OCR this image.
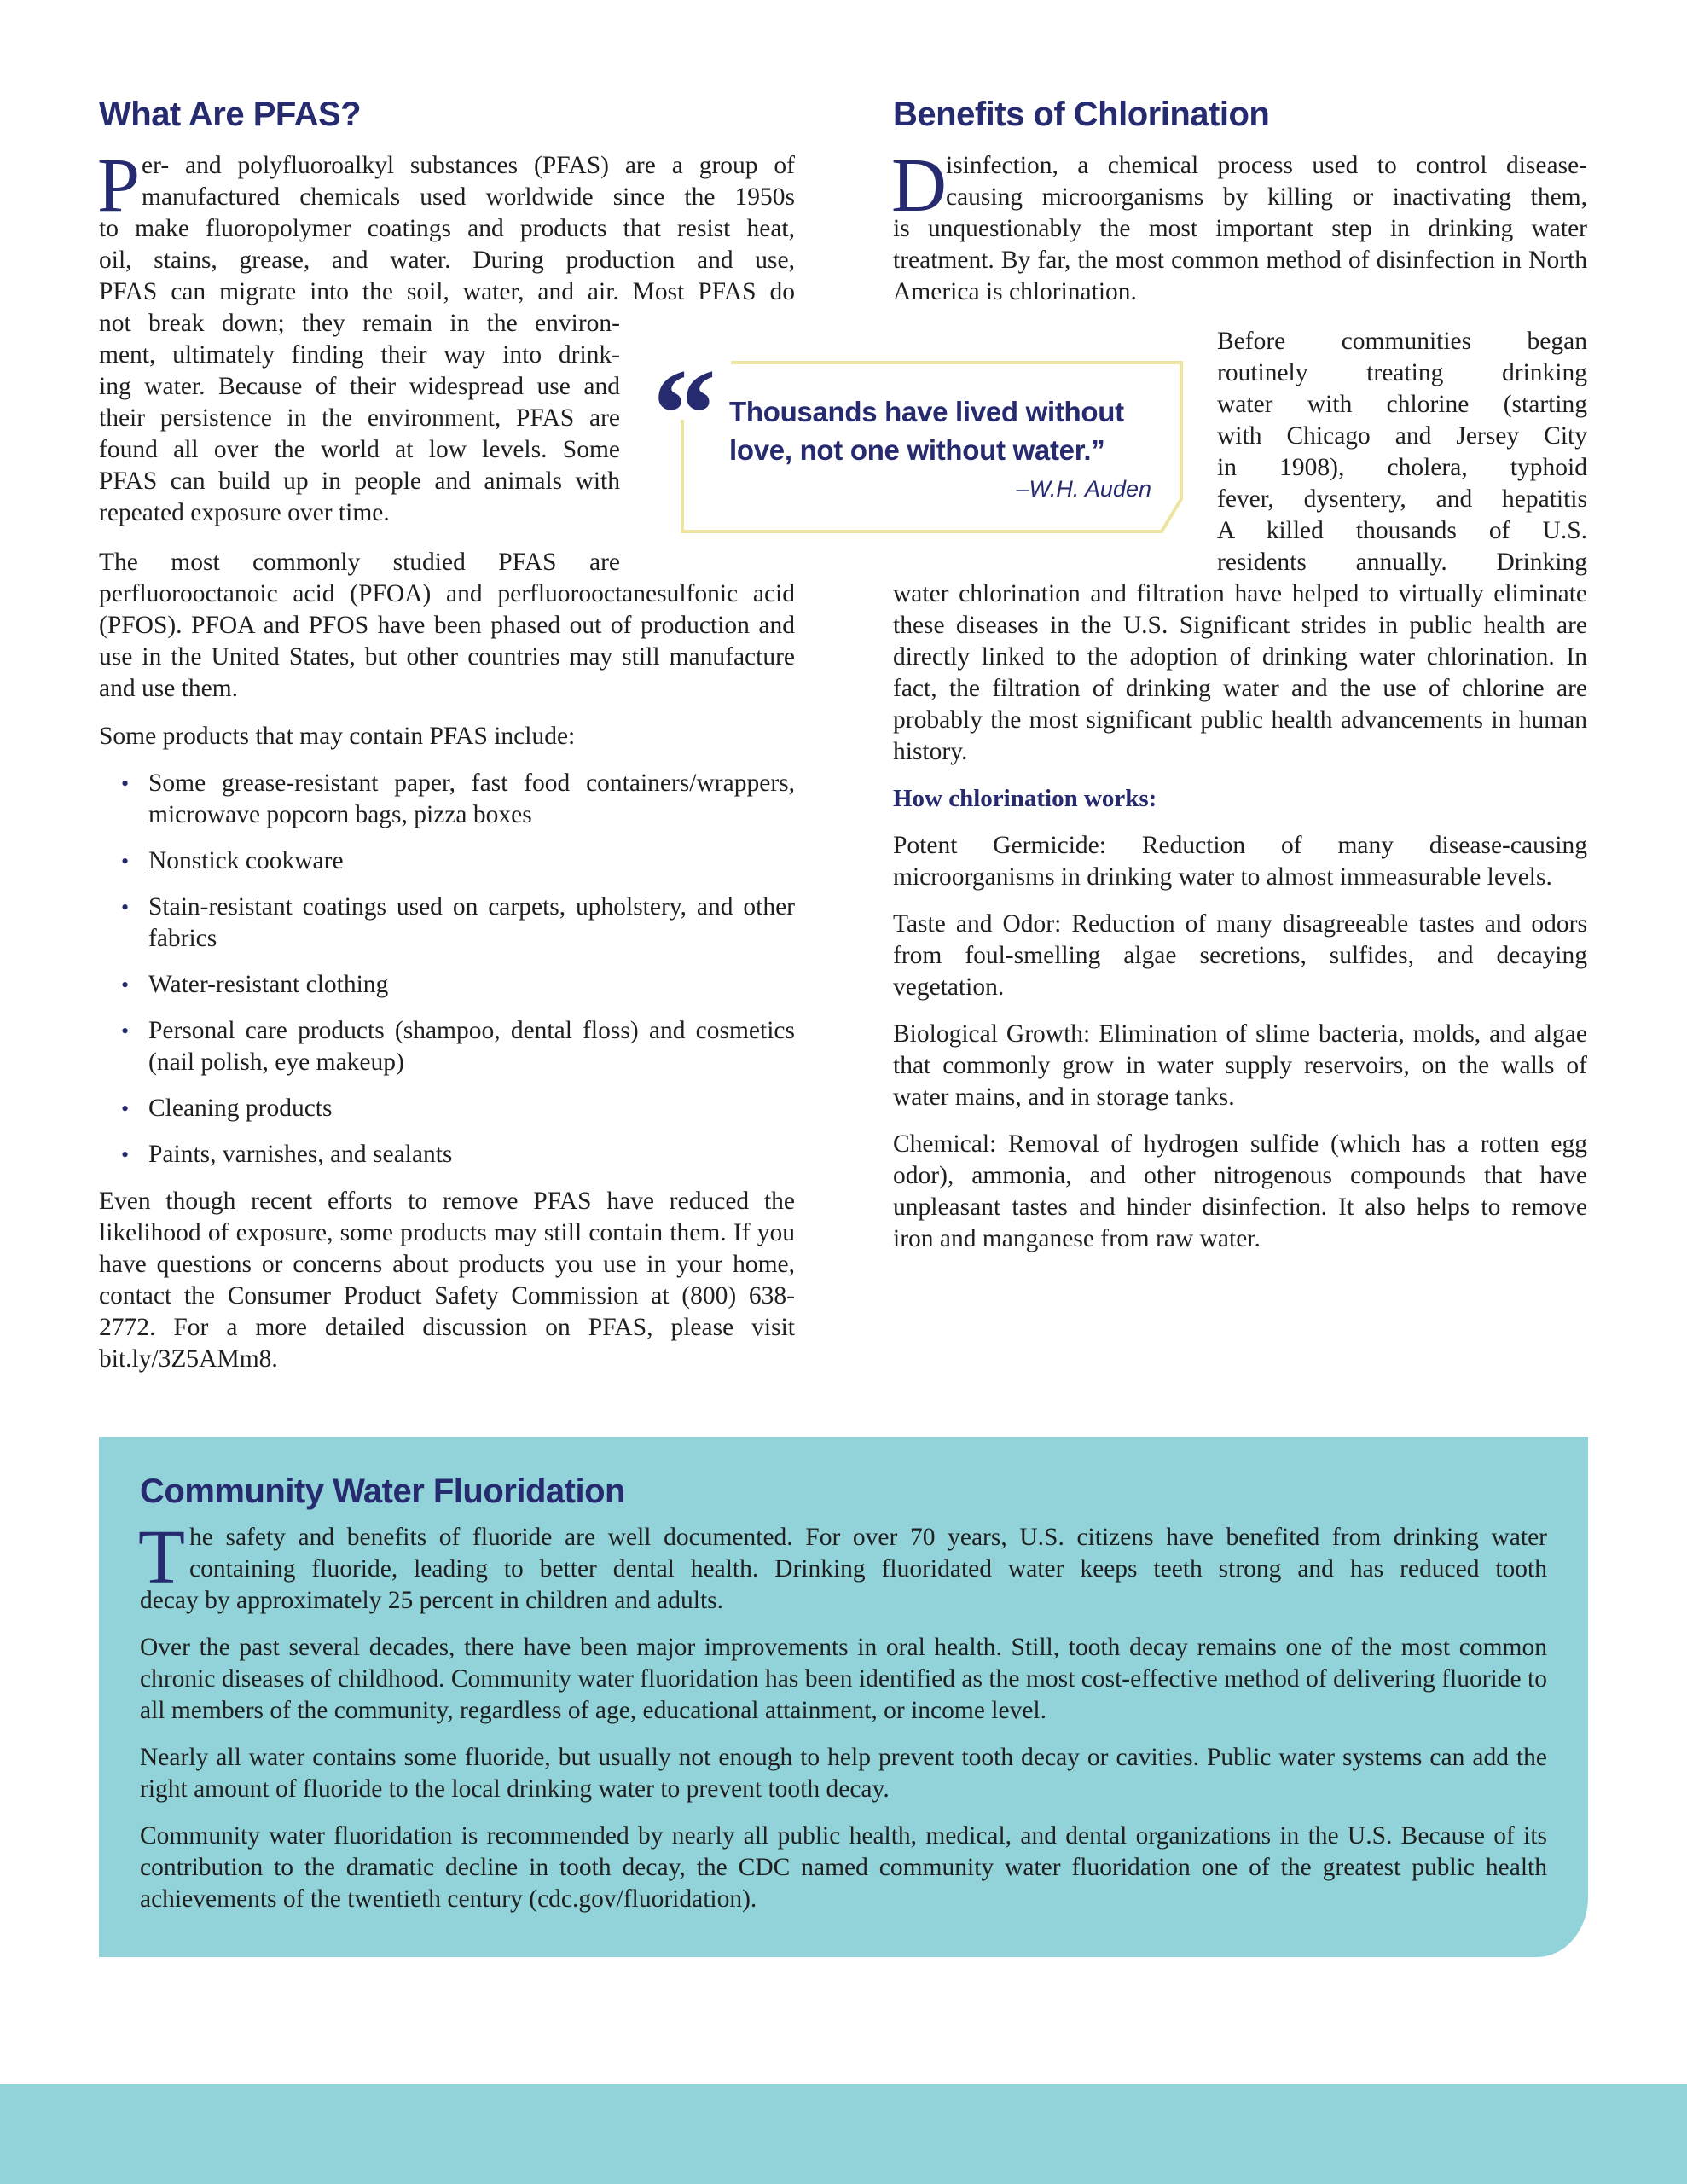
What Are PFAS?
P er- and polyfluoroalkyl substances (PFAS) are a group of
manufactured chemicals used worldwide since the 1950s
to make fluoropolymer coatings and products that resist heat,
oil, stains, grease, and water. During production and use,
PFAS can migrate into the soil, water, and air. Most PFAS do
not break down; they remain in the environ-
ment, ultimately finding their way into drink-
ing water. Because of their widespread use and
their persistence in the environment, PFAS are
found all over the world at low levels. Some
PFAS can build up in people and animals with
repeated exposure over time.
The most commonly studied PFAS are

perfluorooctanoic acid (PFOA) and perfluorooctanesulfonic acid (PFOS). PFOA and PFOS have been phased out of production and use in the United States, but other countries may still manufacture and use them.

Some products that may contain PFAS include:

• Some grease-resistant paper, fast food containers/wrappers, microwave popcorn bags, pizza boxes
• Nonstick cookware
• Stain-resistant coatings used on carpets, upholstery, and other fabrics
• Water-resistant clothing
• Personal care products (shampoo, dental floss) and cosmetics (nail polish, eye makeup)
• Cleaning products
• Paints, varnishes, and sealants

Even though recent efforts to remove PFAS have reduced the likelihood of exposure, some products may still contain them. If you have questions or concerns about products you use in your home, contact the Consumer Product Safety Commission at (800) 638-2772. For a more detailed discussion on PFAS, please visit bit.ly/3Z5AMm8.

“ Thousands have lived without
love, not one without water.”
–W.H. Auden
Benefits of Chlorination
D isinfection, a chemical process used to control disease-
causing microorganisms by killing or inactivating them,

is unquestionably the most important step in drinking water treatment. By far, the most common method of disinfection in North America is chlorination.

Before communities began
routinely treating drinking
water with chlorine (starting
with Chicago and Jersey City
in 1908), cholera, typhoid
fever, dysentery, and hepatitis
A killed thousands of U.S.
residents annually. Drinking

water chlorination and filtration have helped to virtually eliminate these diseases in the U.S. Significant strides in public health are directly linked to the adoption of drinking water chlorination. In fact, the filtration of drinking water and the use of chlorine are probably the most significant public health advancements in human history.

How chlorination works:

Potent Germicide: Reduction of many disease-causing microorganisms in drinking water to almost immeasurable levels.

Taste and Odor: Reduction of many disagreeable tastes and odors from foul-smelling algae secretions, sulfides, and decaying vegetation.

Biological Growth: Elimination of slime bacteria, molds, and algae that commonly grow in water supply reservoirs, on the walls of water mains, and in storage tanks.

Chemical: Removal of hydrogen sulfide (which has a rotten egg odor), ammonia, and other nitrogenous compounds that have unpleasant tastes and hinder disinfection. It also helps to remove iron and manganese from raw water.

Community Water Fluoridation
T he safety and benefits of fluoride are well documented. For over 70 years, U.S. citizens have benefited from drinking water
containing fluoride, leading to better dental health. Drinking fluoridated water keeps teeth strong and has reduced tooth

decay by approximately 25 percent in children and adults.

Over the past several decades, there have been major improvements in oral health. Still, tooth decay remains one of the most common chronic diseases of childhood. Community water fluoridation has been identified as the most cost-effective method of delivering fluoride to all members of the community, regardless of age, educational attainment, or income level.

Nearly all water contains some fluoride, but usually not enough to help prevent tooth decay or cavities. Public water systems can add the right amount of fluoride to the local drinking water to prevent tooth decay.

Community water fluoridation is recommended by nearly all public health, medical, and dental organizations in the U.S. Because of its contribution to the dramatic decline in tooth decay, the CDC named community water fluoridation one of the greatest public health achievements of the twentieth century (cdc.gov/fluoridation).
